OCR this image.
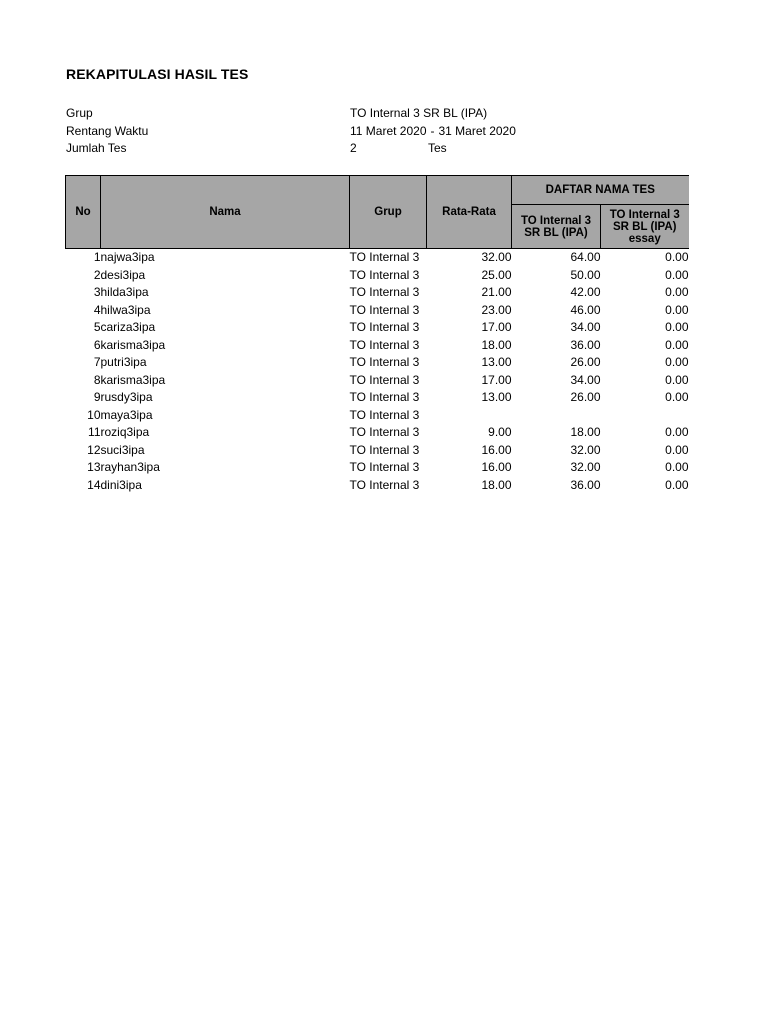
REKAPITULASI HASIL TES
Grup	TO Internal 3 SR BL (IPA)
Rentang Waktu	11 Maret 2020 - 31 Maret 2020
Jumlah Tes	2	Tes
No	Nama	Grup	Rata-Rata	DAFTAR NAMA TES	
				TO Internal 3 SR BL (IPA)	TO Internal 3 SR BL (IPA) essay
1	najwa3ipa	TO Internal 3	32.00	64.00	0.00
2	desi3ipa	TO Internal 3	25.00	50.00	0.00
3	hilda3ipa	TO Internal 3	21.00	42.00	0.00
4	hilwa3ipa	TO Internal 3	23.00	46.00	0.00
5	cariza3ipa	TO Internal 3	17.00	34.00	0.00
6	karisma3ipa	TO Internal 3	18.00	36.00	0.00
7	putri3ipa	TO Internal 3	13.00	26.00	0.00
8	karisma3ipa	TO Internal 3	17.00	34.00	0.00
9	rusdy3ipa	TO Internal 3	13.00	26.00	0.00
10	maya3ipa	TO Internal 3			
11	roziq3ipa	TO Internal 3	9.00	18.00	0.00
12	suci3ipa	TO Internal 3	16.00	32.00	0.00
13	rayhan3ipa	TO Internal 3	16.00	32.00	0.00
14	dini3ipa	TO Internal 3	18.00	36.00	0.00
